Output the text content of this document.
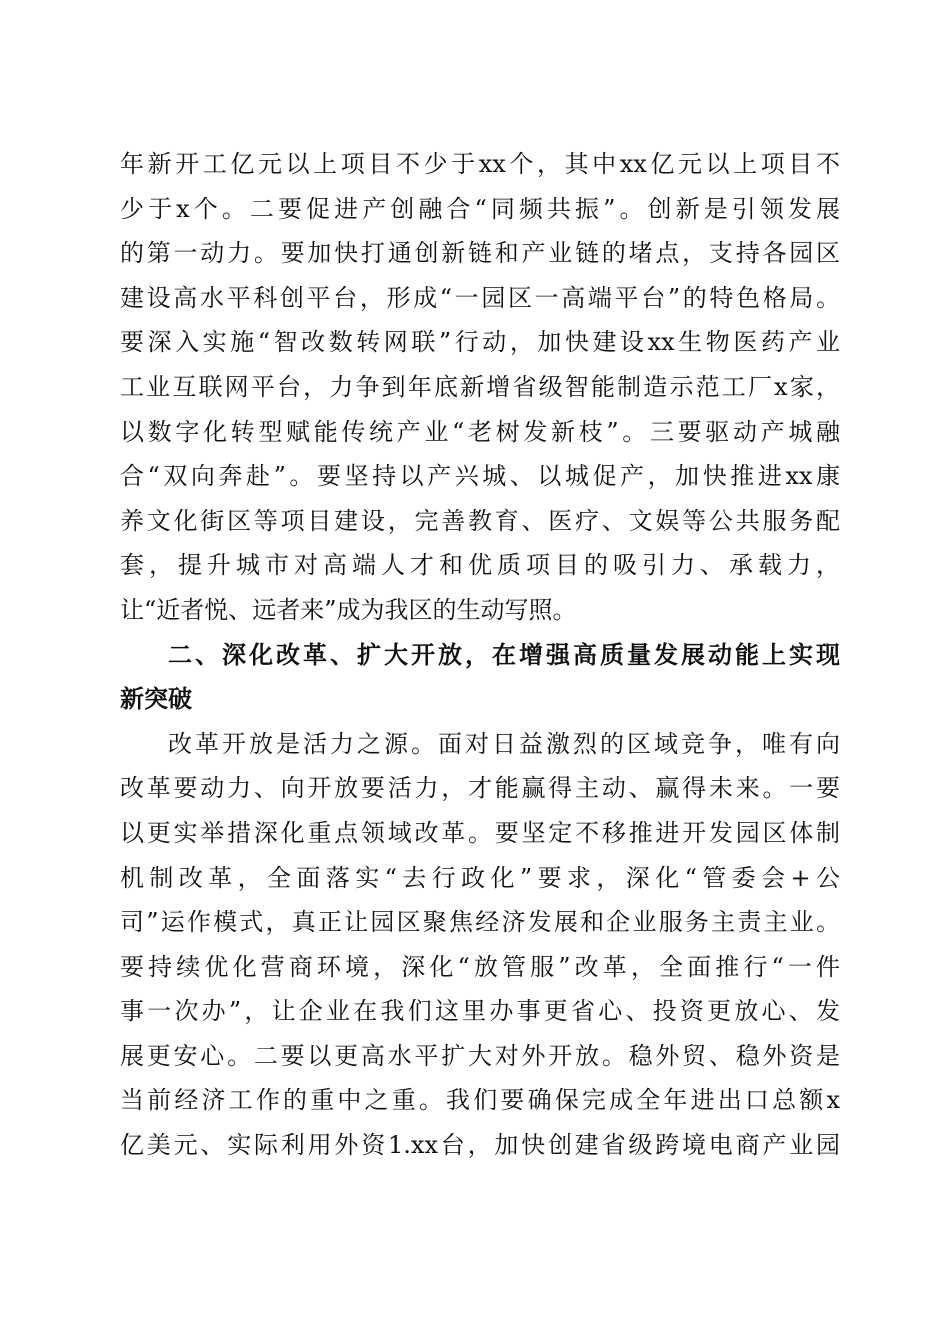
年新开工亿元以上项目不少于xx个，其中xx亿元以上项目不
少于x个。二要促进产创融合“同频共振”。创新是引领发展
的第一动力。要加快打通创新链和产业链的堵点，支持各园区
建设高水平科创平台，形成“一园区一高端平台”的特色格局。
要深入实施“智改数转网联”行动，加快建设xx生物医药产业
工业互联网平台，力争到年底新增省级智能制造示范工厂x家，
以数字化转型赋能传统产业“老树发新枝”。三要驱动产城融
合“双向奔赴”。要坚持以产兴城、以城促产，加快推进xx康
养文化街区等项目建设，完善教育、医疗、文娱等公共服务配
套，提升城市对高端人才和优质项目的吸引力、承载力，
让“近者悦、远者来”成为我区的生动写照。
二、深化改革、扩大开放，在增强高质量发展动能上实现
新突破
改革开放是活力之源。面对日益激烈的区域竞争，唯有向
改革要动力、向开放要活力，才能赢得主动、赢得未来。一要
以更实举措深化重点领域改革。要坚定不移推进开发园区体制
机制改革，全面落实“去行政化”要求，深化“管委会+公
司”运作模式，真正让园区聚焦经济发展和企业服务主责主业。
要持续优化营商环境，深化“放管服”改革，全面推行“一件
事一次办”，让企业在我们这里办事更省心、投资更放心、发
展更安心。二要以更高水平扩大对外开放。稳外贸、稳外资是
当前经济工作的重中之重。我们要确保完成全年进出口总额x
亿美元、实际利用外资1.xx台，加快创建省级跨境电商产业园
